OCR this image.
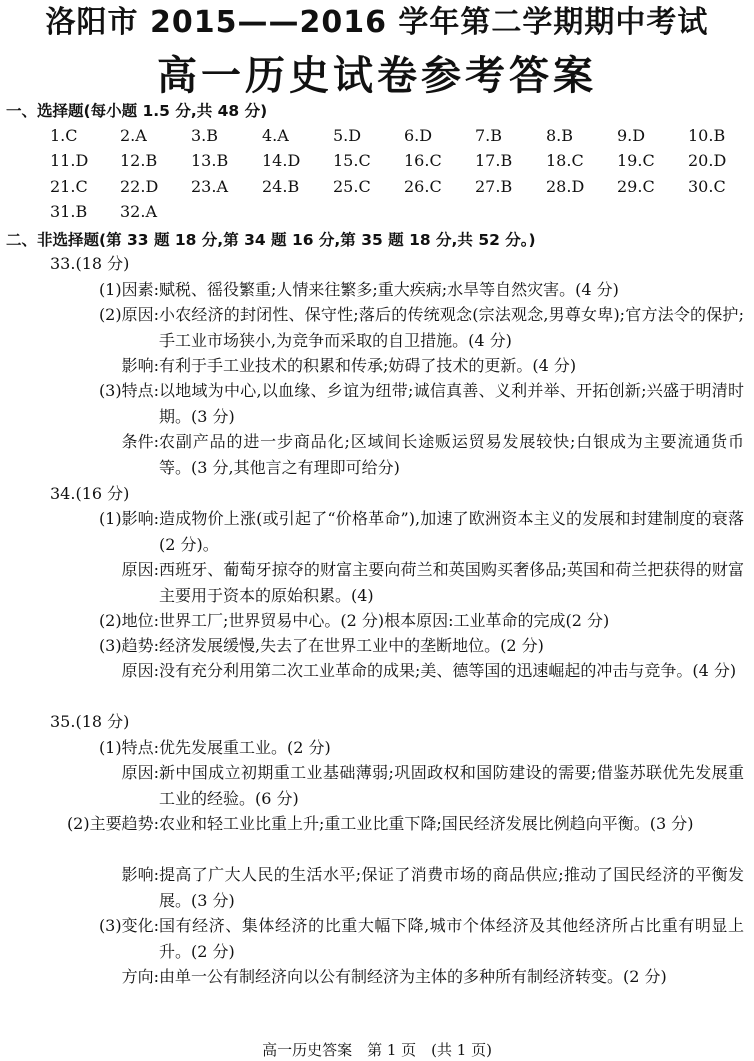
洛阳市 2015——2016 学年第二学期期中考试
高一历史试卷参考答案
一、选择题(每小题 1.5 分,共 48 分)
1.C	2.A	3.B	4.A	5.D	6.D	7.B	8.B	9.D	10.B
11.D 12.B 13.B 14.D 15.C 16.C 17.B 18.C 19.C 20.D
21.C 22.D 23.A 24.B 25.C 26.C 27.B 28.D 29.C 30.C
31.B 32.A
二、非选择题(第 33 题 18 分,第 34 题 16 分,第 35 题 18 分,共 52 分。)
33.(18 分)
(1)因素: 赋税、徭役繁重;人情来往繁多;重大疾病;水旱等自然灾害。(4 分)
(2)原因: 小农经济的封闭性、保守性;落后的传统观念(宗法观念,男尊女卑);官方法令的保护;手工业市场狭小,为竞争而采取的自卫措施。(4 分)
影响: 有利于手工业技术的积累和传承;妨碍了技术的更新。(4 分)
(3)特点: 以地域为中心,以血缘、乡谊为纽带;诚信真善、义利并举、开拓创新;兴盛于明清时期。(3 分)
条件: 农副产品的进一步商品化;区域间长途贩运贸易发展较快;白银成为主要流通货币等。(3 分,其他言之有理即可给分)
34.(16 分)
(1)影响: 造成物价上涨(或引起了“价格革命”),加速了欧洲资本主义的发展和封建制度的衰落(2 分)。
原因: 西班牙、葡萄牙掠夺的财富主要向荷兰和英国购买奢侈品;英国和荷兰把获得的财富主要用于资本的原始积累。(4)
(2)地位: 世界工厂;世界贸易中心。(2 分)根本原因:工业革命的完成(2 分)
(3)趋势: 经济发展缓慢,失去了在世界工业中的垄断地位。(2 分)
原因: 没有充分利用第二次工业革命的成果;美、德等国的迅速崛起的冲击与竞争。(4 分)
35.(18 分)
(1)特点: 优先发展重工业。(2 分)
原因: 新中国成立初期重工业基础薄弱;巩固政权和国防建设的需要;借鉴苏联优先发展重工业的经验。(6 分)
(2)主要趋势: 农业和轻工业比重上升;重工业比重下降;国民经济发展比例趋向平衡。(3 分)
影响: 提高了广大人民的生活水平;保证了消费市场的商品供应;推动了国民经济的平衡发展。(3 分)
(3)变化: 国有经济、集体经济的比重大幅下降,城市个体经济及其他经济所占比重有明显上升。(2 分)
方向: 由单一公有制经济向以公有制经济为主体的多种所有制经济转变。(2 分)
高一历史答案　第 1 页　(共 1 页)
